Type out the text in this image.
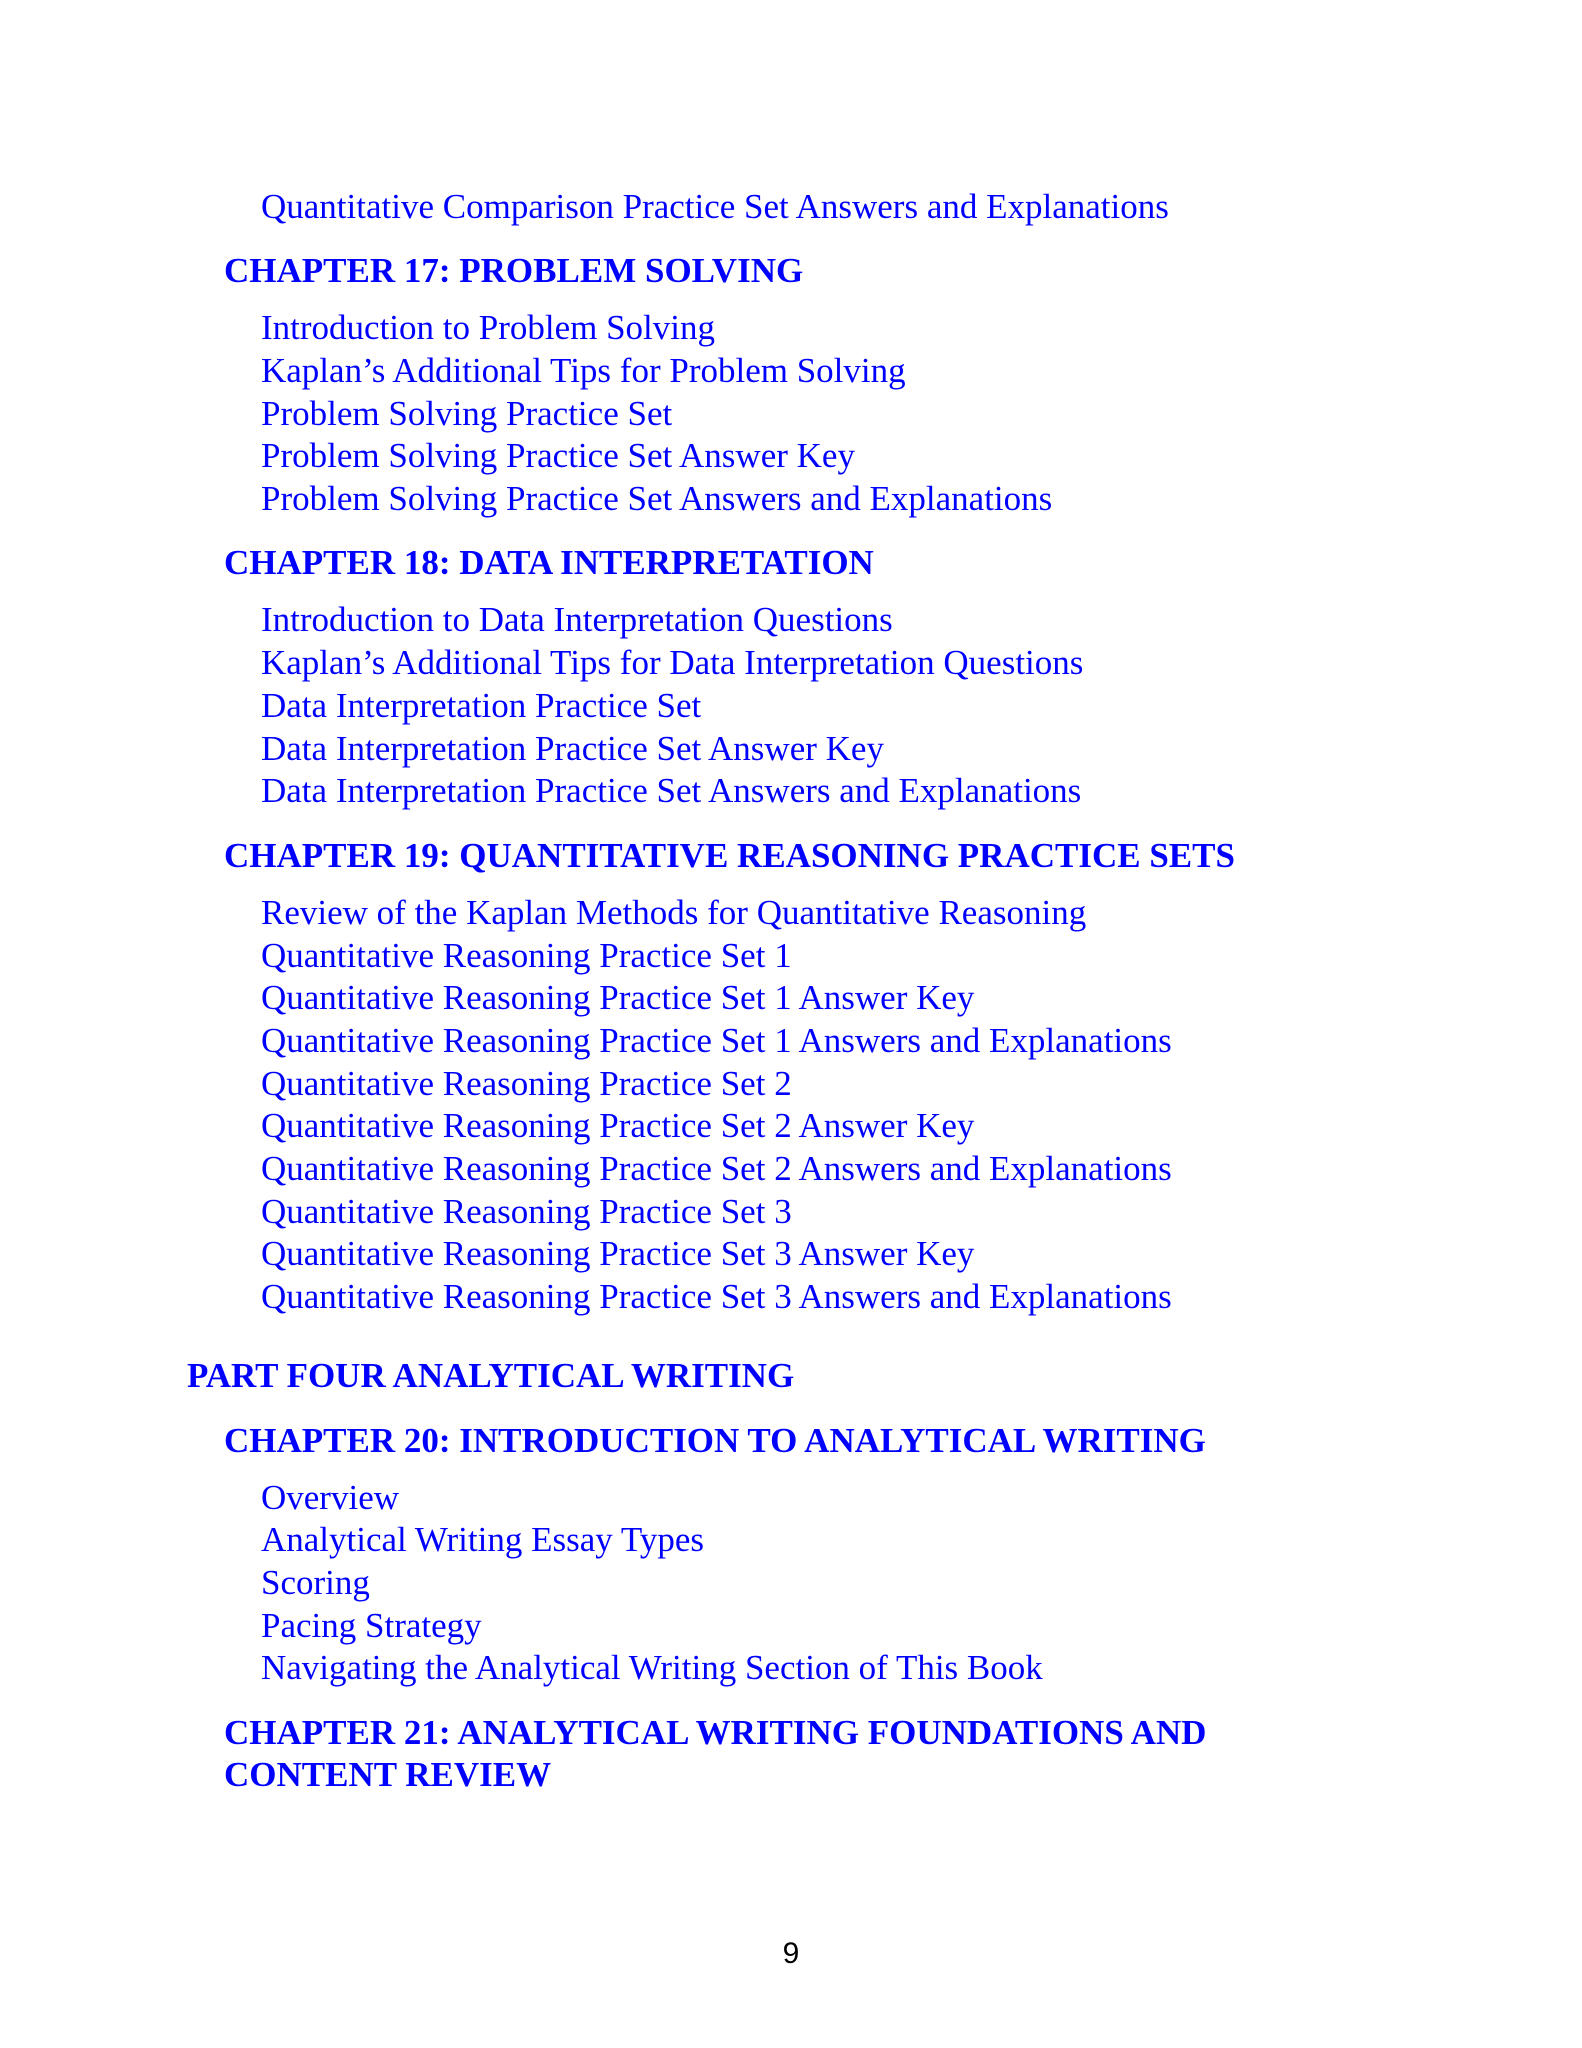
Quantitative Comparison Practice Set Answers and Explanations
CHAPTER 17: PROBLEM SOLVING
Introduction to Problem Solving
Kaplan’s Additional Tips for Problem Solving
Problem Solving Practice Set
Problem Solving Practice Set Answer Key
Problem Solving Practice Set Answers and Explanations
CHAPTER 18: DATA INTERPRETATION
Introduction to Data Interpretation Questions
Kaplan’s Additional Tips for Data Interpretation Questions
Data Interpretation Practice Set
Data Interpretation Practice Set Answer Key
Data Interpretation Practice Set Answers and Explanations
CHAPTER 19: QUANTITATIVE REASONING PRACTICE SETS
Review of the Kaplan Methods for Quantitative Reasoning
Quantitative Reasoning Practice Set 1
Quantitative Reasoning Practice Set 1 Answer Key
Quantitative Reasoning Practice Set 1 Answers and Explanations
Quantitative Reasoning Practice Set 2
Quantitative Reasoning Practice Set 2 Answer Key
Quantitative Reasoning Practice Set 2 Answers and Explanations
Quantitative Reasoning Practice Set 3
Quantitative Reasoning Practice Set 3 Answer Key
Quantitative Reasoning Practice Set 3 Answers and Explanations
PART FOUR ANALYTICAL WRITING
CHAPTER 20: INTRODUCTION TO ANALYTICAL WRITING
Overview
Analytical Writing Essay Types
Scoring
Pacing Strategy
Navigating the Analytical Writing Section of This Book
CHAPTER 21: ANALYTICAL WRITING FOUNDATIONS AND
CONTENT REVIEW
9
